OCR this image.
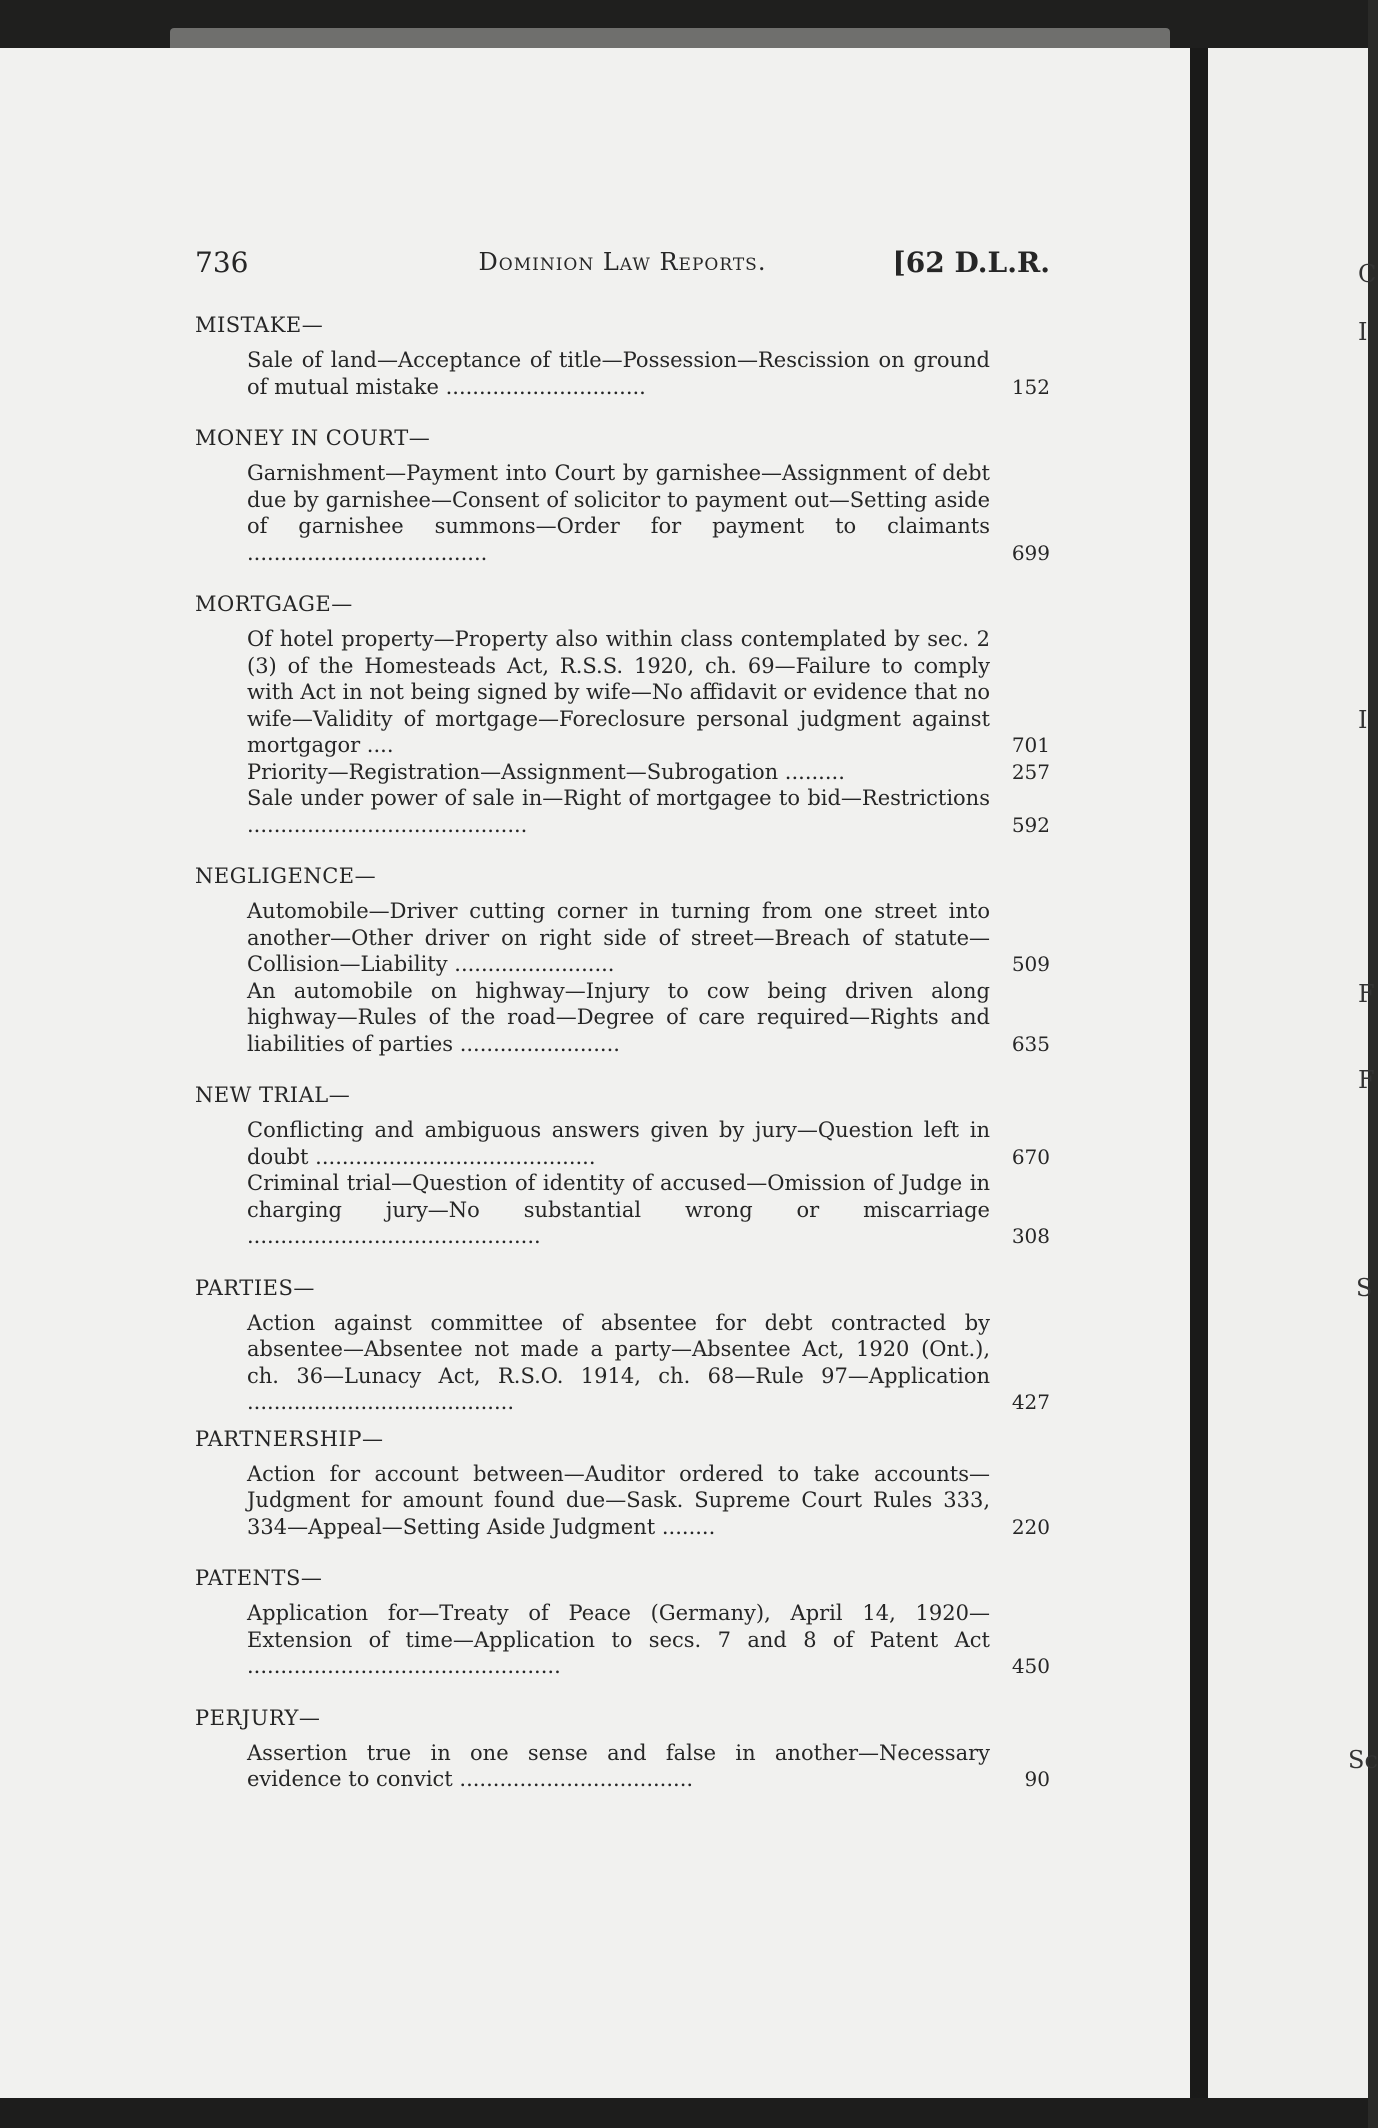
C
I
I
F
F
S
Sc
736	Dominion Law Reports.	[62 D.L.R.
MISTAKE—
Sale of land—Acceptance of title—Possession—Rescission on ground of mutual mistake ..............................	152
MONEY IN COURT—
Garnishment—Payment into Court by garnishee—Assignment of debt due by garnishee—Consent of solicitor to payment out—Setting aside of garnishee summons—Order for payment to claimants ....................................	699
MORTGAGE—
Of hotel property—Property also within class contemplated by sec. 2 (3) of the Homesteads Act, R.S.S. 1920, ch. 69—Failure to comply with Act in not being signed by wife—No affidavit or evidence that no wife—Validity of mortgage—Foreclosure personal judgment against mortgagor ....	701
Priority—Registration—Assignment—Subrogation .........	257
Sale under power of sale in—Right of mortgagee to bid—Restrictions ..........................................	592
NEGLIGENCE—
Automobile—Driver cutting corner in turning from one street into another—Other driver on right side of street—Breach of statute—Collision—Liability ........................	509
An automobile on highway—Injury to cow being driven along highway—Rules of the road—Degree of care required—Rights and liabilities of parties ........................	635
NEW TRIAL—
Conflicting and ambiguous answers given by jury—Question left in doubt ..........................................	670
Criminal trial—Question of identity of accused—Omission of Judge in charging jury—No substantial wrong or miscarriage ............................................	308
PARTIES—
Action against committee of absentee for debt contracted by absentee—Absentee not made a party—Absentee Act, 1920 (Ont.), ch. 36—Lunacy Act, R.S.O. 1914, ch. 68—Rule 97—Application ........................................	427
PARTNERSHIP—
Action for account between—Auditor ordered to take accounts—Judgment for amount found due—Sask. Supreme Court Rules 333, 334—Appeal—Setting Aside Judgment ........	220
PATENTS—
Application for—Treaty of Peace (Germany), April 14, 1920—Extension of time—Application to secs. 7 and 8 of Patent Act ...............................................	450
PERJURY—
Assertion true in one sense and false in another—Necessary evidence to convict ...................................	90
